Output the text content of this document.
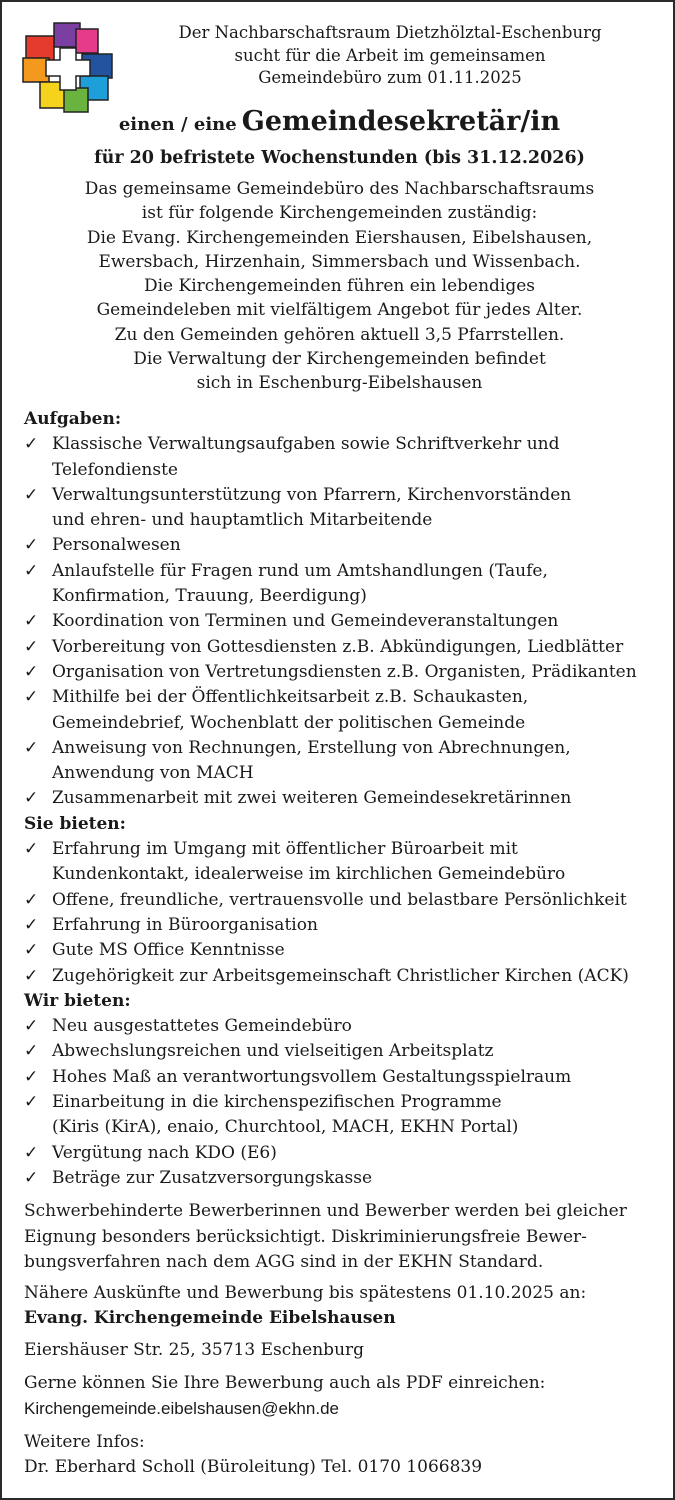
Der Nachbarschaftsraum Dietzhölztal-Eschenburg
sucht für die Arbeit im gemeinsamen
Gemeindebüro zum 01.11.2025
einen / eine Gemeindesekretär/in
für 20 befristete Wochenstunden (bis 31.12.2026)
Das gemeinsame Gemeindebüro des Nachbarschaftsraums
ist für folgende Kirchengemeinden zuständig:
Die Evang. Kirchengemeinden Eiershausen, Eibelshausen,
Ewersbach, Hirzenhain, Simmersbach und Wissenbach.
Die Kirchengemeinden führen ein lebendiges
Gemeindeleben mit vielfältigem Angebot für jedes Alter.
Zu den Gemeinden gehören aktuell 3,5 Pfarrstellen.
Die Verwaltung der Kirchengemeinden befindet
sich in Eschenburg-Eibelshausen
Aufgaben:
✓ Klassische Verwaltungsaufgaben sowie Schriftverkehr und
Telefondienste
✓ Verwaltungsunterstützung von Pfarrern, Kirchenvorständen
und ehren- und hauptamtlich Mitarbeitende
✓ Personalwesen
✓ Anlaufstelle für Fragen rund um Amtshandlungen (Taufe,
Konfirmation, Trauung, Beerdigung)
✓ Koordination von Terminen und Gemeindeveranstaltungen
✓ Vorbereitung von Gottesdiensten z.B. Abkündigungen, Liedblätter
✓ Organisation von Vertretungsdiensten z.B. Organisten, Prädikanten
✓ Mithilfe bei der Öffentlichkeitsarbeit z.B. Schaukasten,
Gemeindebrief, Wochenblatt der politischen Gemeinde
✓ Anweisung von Rechnungen, Erstellung von Abrechnungen,
Anwendung von MACH
✓ Zusammenarbeit mit zwei weiteren Gemeindesekretärinnen
Sie bieten:
✓ Erfahrung im Umgang mit öffentlicher Büroarbeit mit
Kundenkontakt, idealerweise im kirchlichen Gemeindebüro
✓ Offene, freundliche, vertrauensvolle und belastbare Persönlichkeit
✓ Erfahrung in Büroorganisation
✓ Gute MS Office Kenntnisse
✓ Zugehörigkeit zur Arbeitsgemeinschaft Christlicher Kirchen (ACK)
Wir bieten:
✓ Neu ausgestattetes Gemeindebüro
✓ Abwechslungsreichen und vielseitigen Arbeitsplatz
✓ Hohes Maß an verantwortungsvollem Gestaltungsspielraum
✓ Einarbeitung in die kirchenspezifischen Programme
(Kiris (KirA), enaio, Churchtool, MACH, EKHN Portal)
✓ Vergütung nach KDO (E6)
✓ Beträge zur Zusatzversorgungskasse
Schwerbehinderte Bewerberinnen und Bewerber werden bei gleicher
Eignung besonders berücksichtigt. Diskriminierungsfreie Bewer-
bungsverfahren nach dem AGG sind in der EKHN Standard.
Nähere Auskünfte und Bewerbung bis spätestens 01.10.2025 an:
Evang. Kirchengemeinde Eibelshausen
Eiershäuser Str. 25, 35713 Eschenburg
Gerne können Sie Ihre Bewerbung auch als PDF einreichen:
Kirchengemeinde.eibelshausen@ekhn.de
Weitere Infos:
Dr. Eberhard Scholl (Büroleitung) Tel. 0170 1066839
